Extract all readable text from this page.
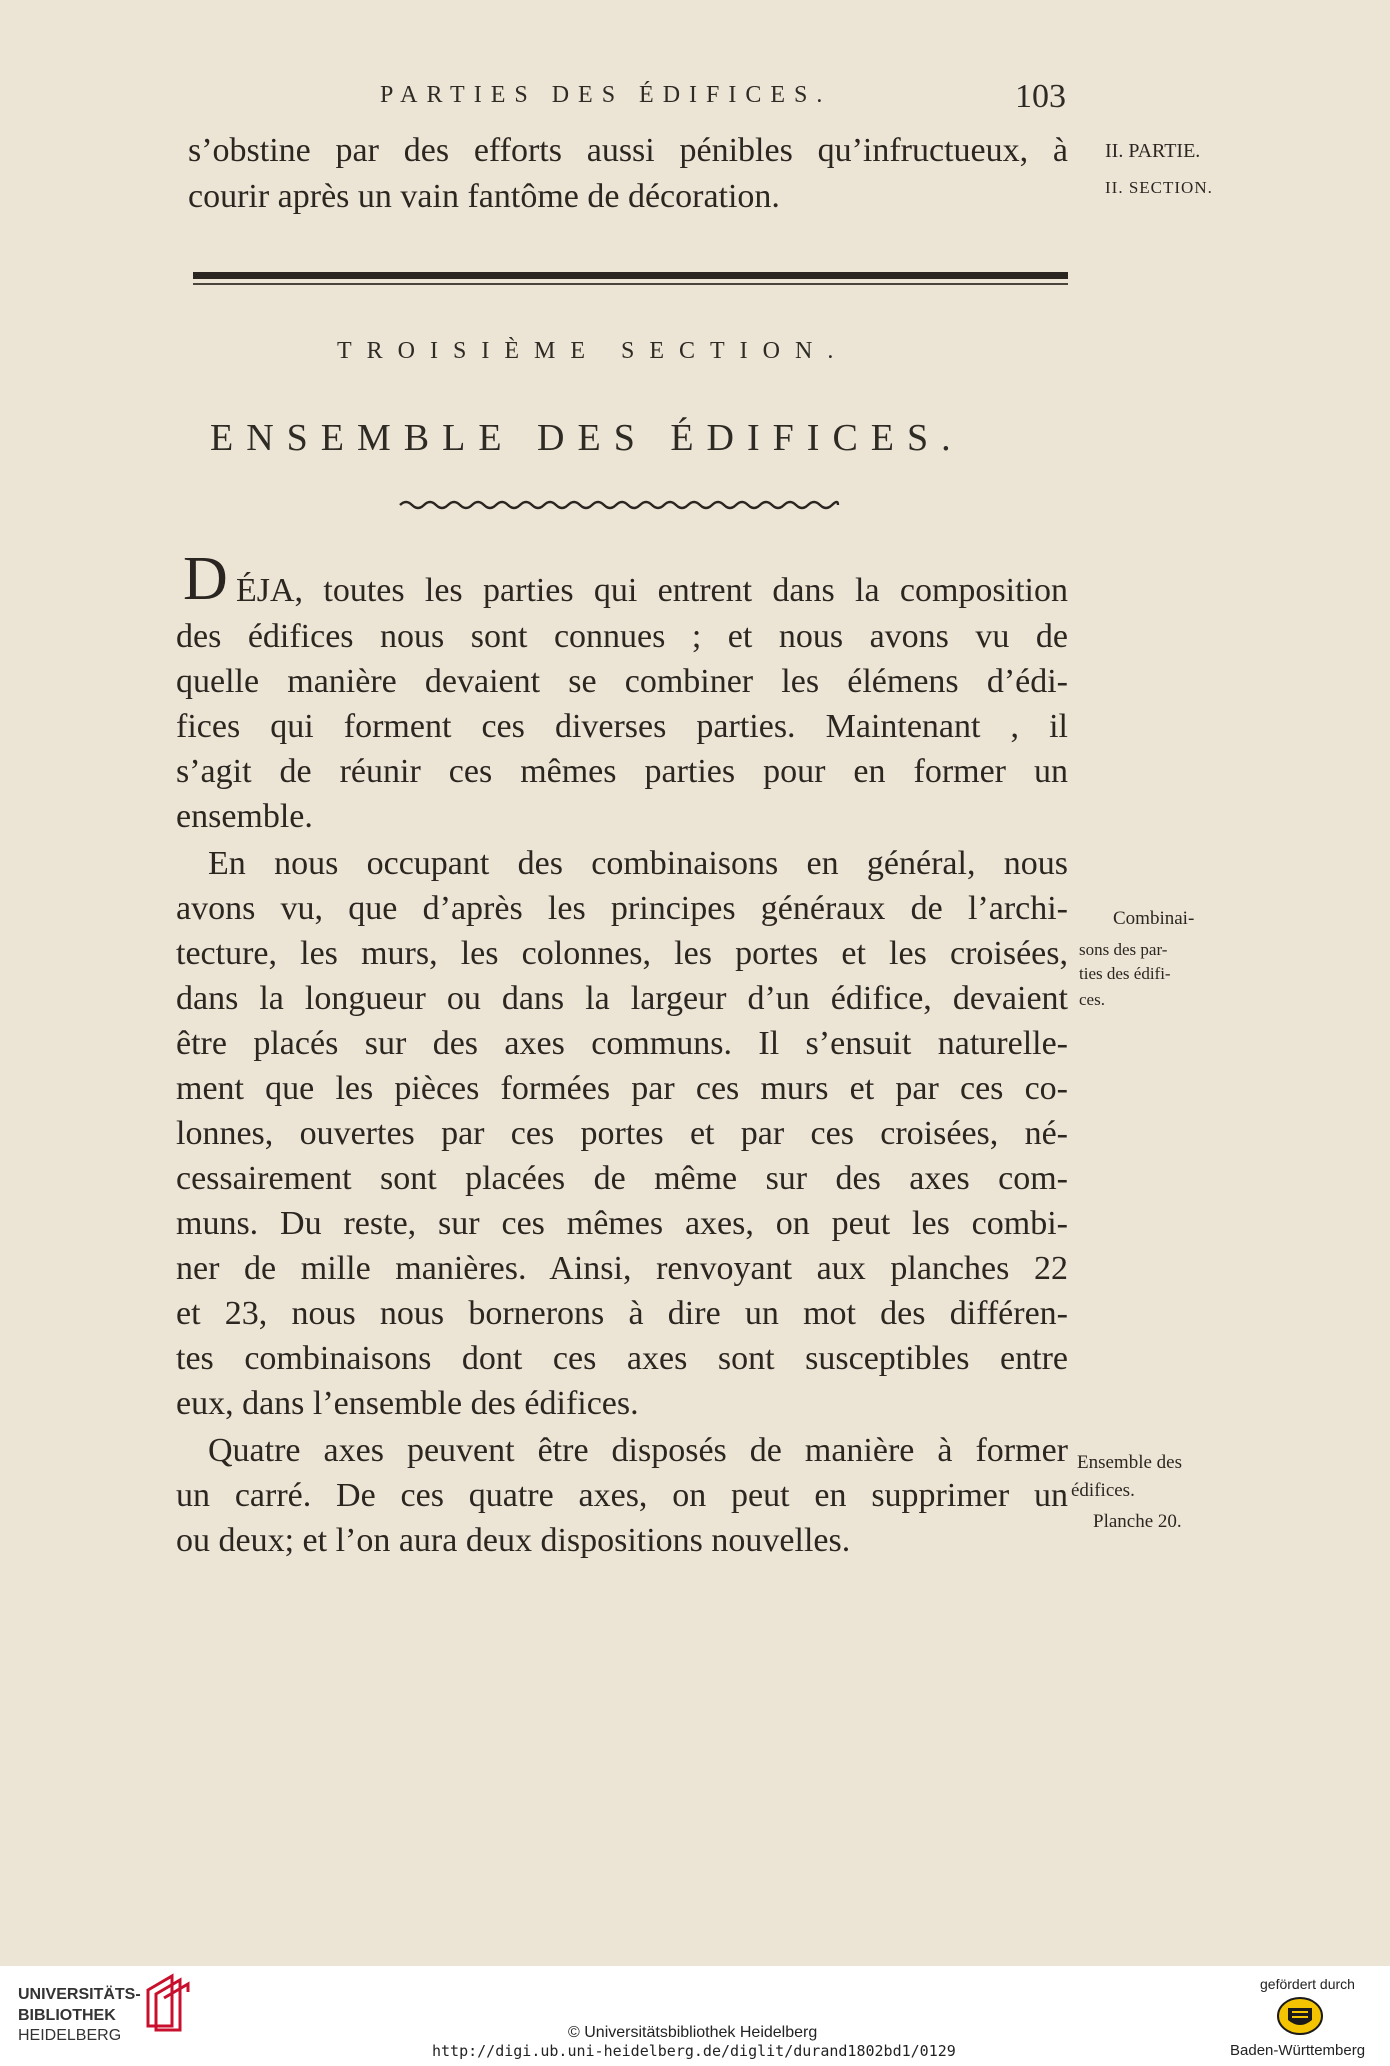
PARTIES DES ÉDIFICES.	103
s’obstine par des efforts aussi pénibles qu’infructueux, à
courir après un vain fantôme de décoration.
II. PARTIE.
II. SECTION.
TROISIÈME SECTION.
ENSEMBLE DES ÉDIFICES.
D ÉJA, toutes les parties qui entrent dans la composition
des édifices nous sont connues ; et nous avons vu de
quelle manière devaient se combiner les élémens d’édi-
fices qui forment ces diverses parties. Maintenant , il
s’agit de réunir ces mêmes parties pour en former un
ensemble.
En nous occupant des combinaisons en général, nous
avons vu, que d’après les principes généraux de l’archi-
tecture, les murs, les colonnes, les portes et les croisées,
dans la longueur ou dans la largeur d’un édifice, devaient
être placés sur des axes communs. Il s’ensuit naturelle-
ment que les pièces formées par ces murs et par ces co-
lonnes, ouvertes par ces portes et par ces croisées, né-
cessairement sont placées de même sur des axes com-
muns. Du reste, sur ces mêmes axes, on peut les combi-
ner de mille manières. Ainsi, renvoyant aux planches 22
et 23, nous nous bornerons à dire un mot des différen-
tes combinaisons dont ces axes sont susceptibles entre
eux, dans l’ensemble des édifices.
Quatre axes peuvent être disposés de manière à former
un carré. De ces quatre axes, on peut en supprimer un
ou deux; et l’on aura deux dispositions nouvelles.
Combinai-
sons des par-
ties des édifi-
ces.
Ensemble des
édifices.
Planche 20.
UNIVERSITÄTS-
BIBLIOTHEK
HEIDELBERG
gefördert durch
Baden-Württemberg
© Universitätsbibliothek Heidelberg
http://digi.ub.uni-heidelberg.de/diglit/durand1802bd1/0129
